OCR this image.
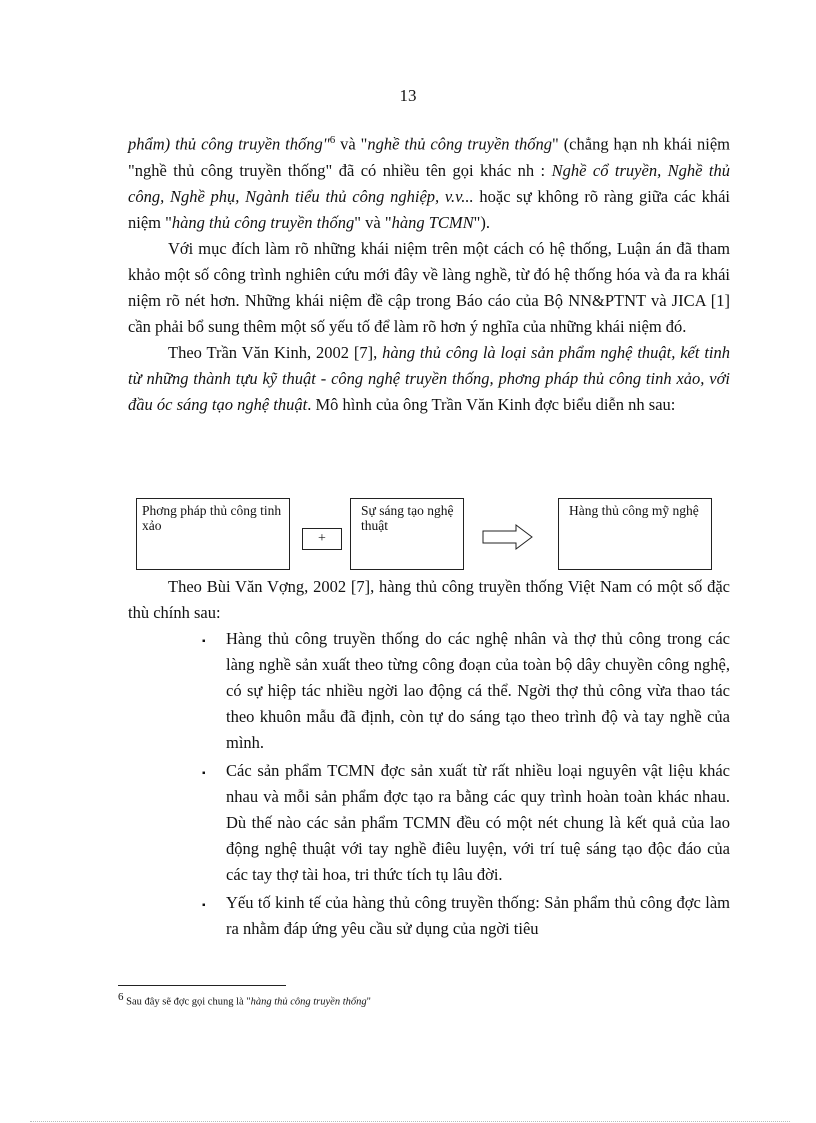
13

phẩm) thủ công truyền thống"$^6$ và "nghề thủ công truyền thống" (chẳng hạn nh khái niệm "nghề thủ công truyền thống" đã có nhiều tên gọi khác nh : Nghề cổ truyền, Nghề thủ công, Nghề phụ, Ngành tiểu thủ công nghiệp, v.v... hoặc sự không rõ ràng giữa các khái niệm "hàng thủ công truyền thống" và "hàng TCMN").

Với mục đích làm rõ những khái niệm trên một cách có hệ thống, Luận án đã tham khảo một số công trình nghiên cứu mới đây về làng nghề, từ đó hệ thống hóa và đa ra khái niệm rõ nét hơn. Những khái niệm đề cập trong Báo cáo của Bộ NN&PTNT và JICA [1] cần phải bổ sung thêm một số yếu tố để làm rõ hơn ý nghĩa của những khái niệm đó.

Theo Trần Văn Kinh, 2002 [7], hàng thủ công là loại sản phẩm nghệ thuật, kết tinh từ những thành tựu kỹ thuật - công nghệ truyền thống, phơng pháp thủ công tinh xảo, với đầu óc sáng tạo nghệ thuật. Mô hình của ông Trần Văn Kinh đợc biểu diễn nh sau:

Phơng pháp thủ công tinh xảo
+
Sự sáng tạo nghệ thuật
Hàng thủ công mỹ nghệ

Theo Bùi Văn Vợng, 2002 [7], hàng thủ công truyền thống Việt Nam có một số đặc thù chính sau:

▪ Hàng thủ công truyền thống do các nghệ nhân và thợ thủ công trong các làng nghề sản xuất theo từng công đoạn của toàn bộ dây chuyền công nghệ, có sự hiệp tác nhiều ngời lao động cá thể. Ngời thợ thủ công vừa thao tác theo khuôn mẫu đã định, còn tự do sáng tạo theo trình độ và tay nghề của mình.
▪ Các sản phẩm TCMN đợc sản xuất từ rất nhiều loại nguyên vật liệu khác nhau và mỗi sản phẩm đợc tạo ra bằng các quy trình hoàn toàn khác nhau. Dù thế nào các sản phẩm TCMN đều có một nét chung là kết quả của lao động nghệ thuật với tay nghề điêu luyện, với trí tuệ sáng tạo độc đáo của các tay thợ tài hoa, tri thức tích tụ lâu đời.
▪ Yếu tố kinh tế của hàng thủ công truyền thống: Sản phẩm thủ công đợc làm ra nhằm đáp ứng yêu cầu sử dụng của ngời tiêu
$^6$ Sau đây sẽ đợc gọi chung là "hàng thủ công truyền thống"
